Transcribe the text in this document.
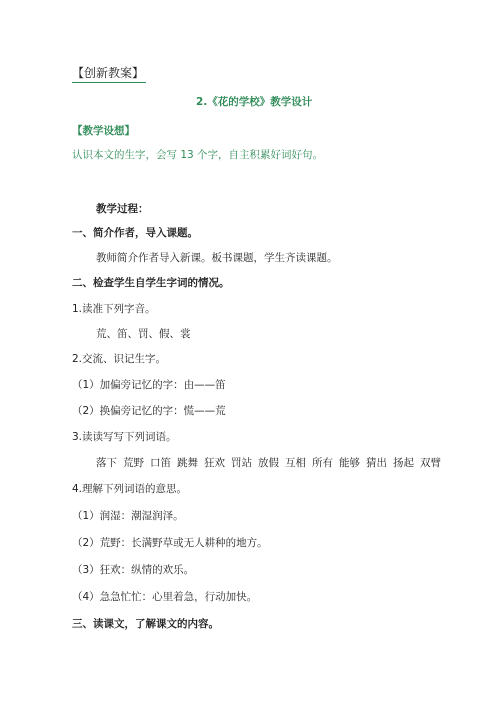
【创新教案】
2.《花的学校》教学设计
【教学设想】
认识本文的生字，会写 13 个字，自主积累好词好句。
教学过程：
一、简介作者，导入课题。
教师简介作者导入新课。板书课题，学生齐读课题。
二、检查学生自学生字词的情况。
1.读准下列字音。
荒、笛、罚、假、裳
2.交流、识记生字。
（1）加偏旁记忆的字：由——笛
（2）换偏旁记忆的字：慌——荒
3.读读写写下列词语。
落下 荒野 口笛 跳舞 狂欢 罚站 放假 互相 所有 能够 猜出 扬起 双臂
4.理解下列词语的意思。
（1）润湿：潮湿润泽。
（2）荒野：长满野草或无人耕种的地方。
（3）狂欢：纵情的欢乐。
（4）急急忙忙：心里着急，行动加快。
三、读课文，了解课文的内容。
